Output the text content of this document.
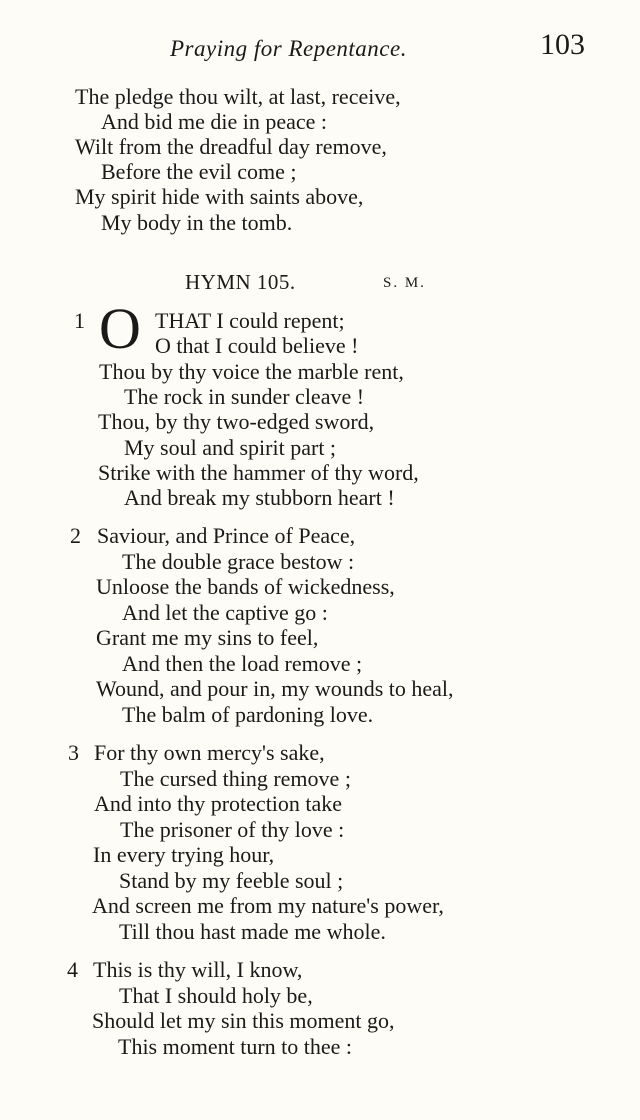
Praying for Repentance.	103
The pledge thou wilt, at last, receive,
And bid me die in peace :
Wilt from the dreadful day remove,
Before the evil come ;
My spirit hide with saints above,
My body in the tomb.
HYMN 105.	S. M.
1 O THAT I could repent;
O that I could believe !
Thou by thy voice the marble rent,
The rock in sunder cleave !
Thou, by thy two-edged sword,
My soul and spirit part ;
Strike with the hammer of thy word,
And break my stubborn heart !
2 Saviour, and Prince of Peace,
The double grace bestow :
Unloose the bands of wickedness,
And let the captive go :
Grant me my sins to feel,
And then the load remove ;
Wound, and pour in, my wounds to heal,
The balm of pardoning love.
3 For thy own mercy's sake,
The cursed thing remove ;
And into thy protection take
The prisoner of thy love :
In every trying hour,
Stand by my feeble soul ;
And screen me from my nature's power,
Till thou hast made me whole.
4 This is thy will, I know,
That I should holy be,
Should let my sin this moment go,
This moment turn to thee :
